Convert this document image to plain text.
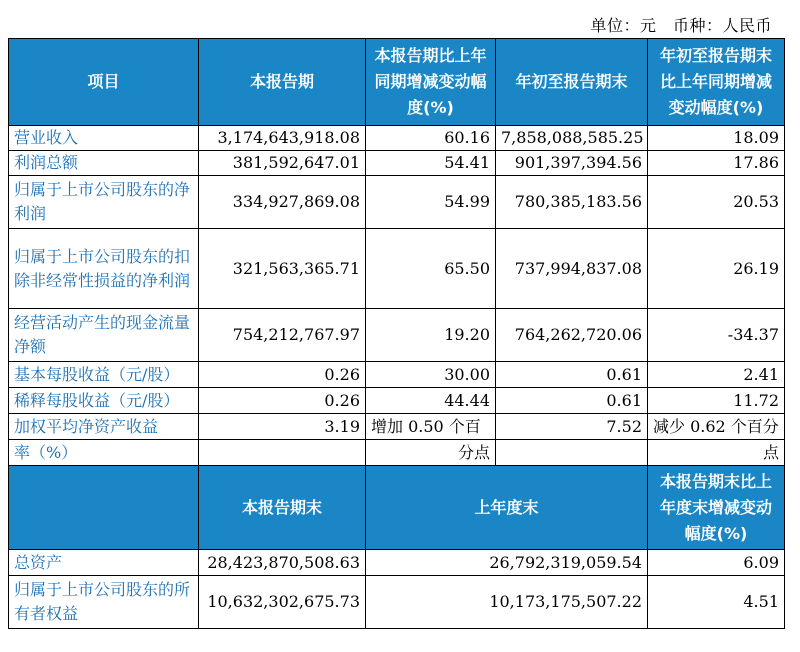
单位：元　币种：人民币
项目	本报告期	本报告期比上年同期增减变动幅度(%)	年初至报告期末	年初至报告期末比上年同期增减变动幅度(%)
营业收入	3,174,643,918.08	60.16	7,858,088,585.25	18.09
利润总额	381,592,647.01	54.41	901,397,394.56	17.86
归属于上市公司股东的净利润	334,927,869.08	54.99	780,385,183.56	20.53
归属于上市公司股东的扣除非经常性损益的净利润	321,563,365.71	65.50	737,994,837.08	26.19
经营活动产生的现金流量净额	754,212,767.97	19.20	764,262,720.06	-34.37
基本每股收益（元/股）	0.26	30.00	0.61	2.41
稀释每股收益（元/股）	0.26	44.44	0.61	11.72
加权平均净资产收益	3.19	增加 0.50 个百	7.52	减少 0.62 个百分
率（%）		分点		点
	本报告期末	上年度末		本报告期末比上年度末增减变动幅度(%)
总资产	28,423,870,508.63	26,792,319,059.54		6.09
归属于上市公司股东的所有者权益	10,632,302,675.73	10,173,175,507.22		4.51
